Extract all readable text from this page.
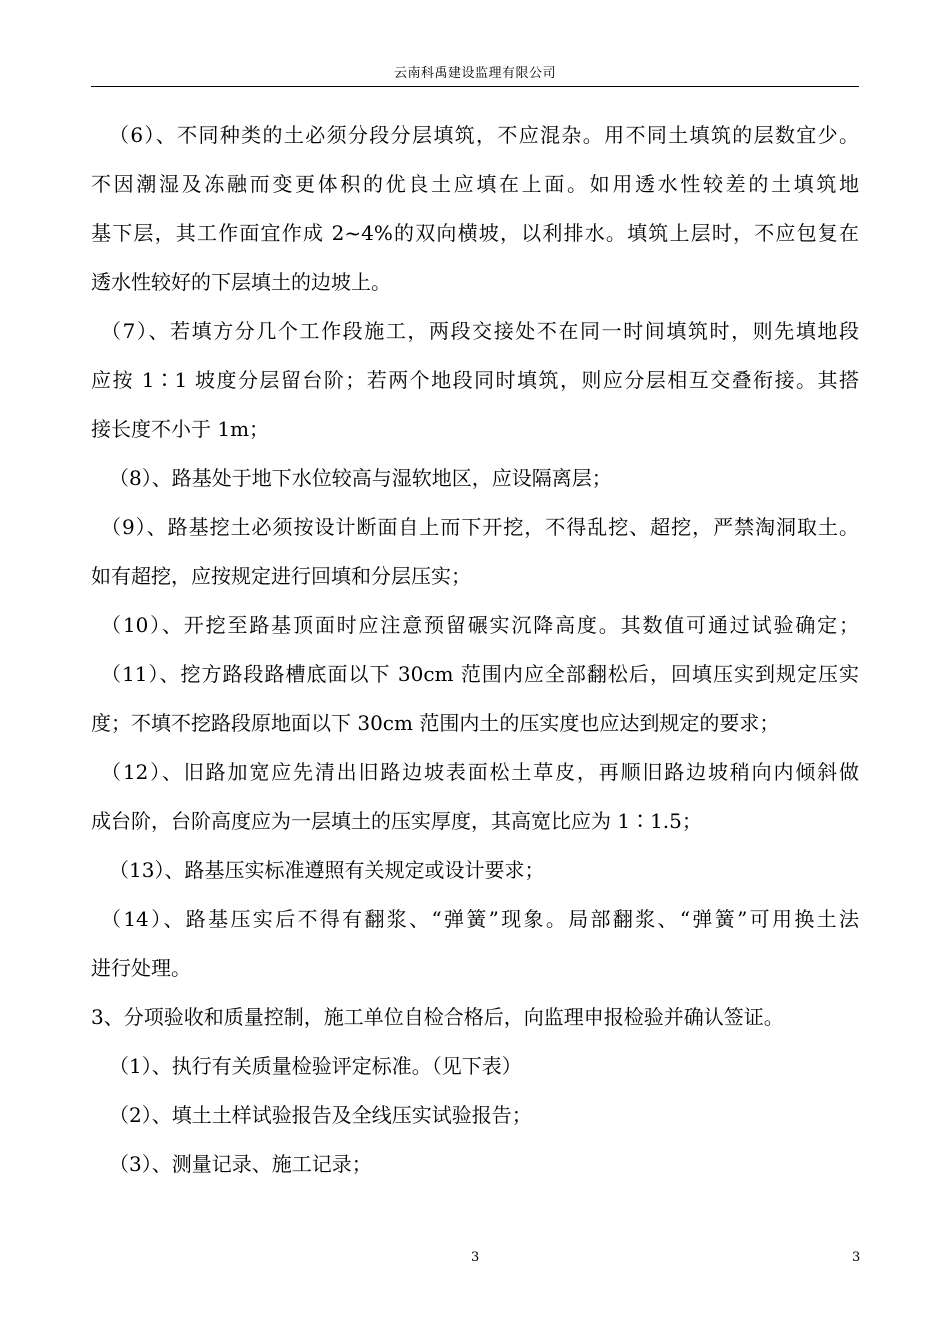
云南科禹建设监理有限公司
（6）、不同种类的土必须分段分层填筑，不应混杂。用不同土填筑的层数宜少。
不因潮湿及冻融而变更体积的优良土应填在上面。如用透水性较差的土填筑地
基下层，其工作面宜作成 2~4%的双向横坡，以利排水。填筑上层时，不应包复在
透水性较好的下层填土的边坡上。
（7）、若填方分几个工作段施工，两段交接处不在同一时间填筑时，则先填地段
应按 1∶1 坡度分层留台阶；若两个地段同时填筑，则应分层相互交叠衔接。其搭
接长度不小于 1m；
（8）、路基处于地下水位较高与湿软地区，应设隔离层；
（9）、路基挖土必须按设计断面自上而下开挖，不得乱挖、超挖，严禁淘洞取土。
如有超挖，应按规定进行回填和分层压实；
（10）、开挖至路基顶面时应注意预留碾实沉降高度。其数值可通过试验确定；
（11）、挖方路段路槽底面以下 30cm 范围内应全部翻松后，回填压实到规定压实
度；不填不挖路段原地面以下 30cm 范围内土的压实度也应达到规定的要求；
（12）、旧路加宽应先清出旧路边坡表面松土草皮，再顺旧路边坡稍向内倾斜做
成台阶，台阶高度应为一层填土的压实厚度，其高宽比应为 1∶1.5；
（13）、路基压实标准遵照有关规定或设计要求；
（14）、路基压实后不得有翻浆、“弹簧”现象。局部翻浆、“弹簧”可用换土法
进行处理。
3、分项验收和质量控制，施工单位自检合格后，向监理申报检验并确认签证。
（1）、执行有关质量检验评定标准。（见下表）
（2）、填土土样试验报告及全线压实试验报告；
（3）、测量记录、施工记录；
3	3
